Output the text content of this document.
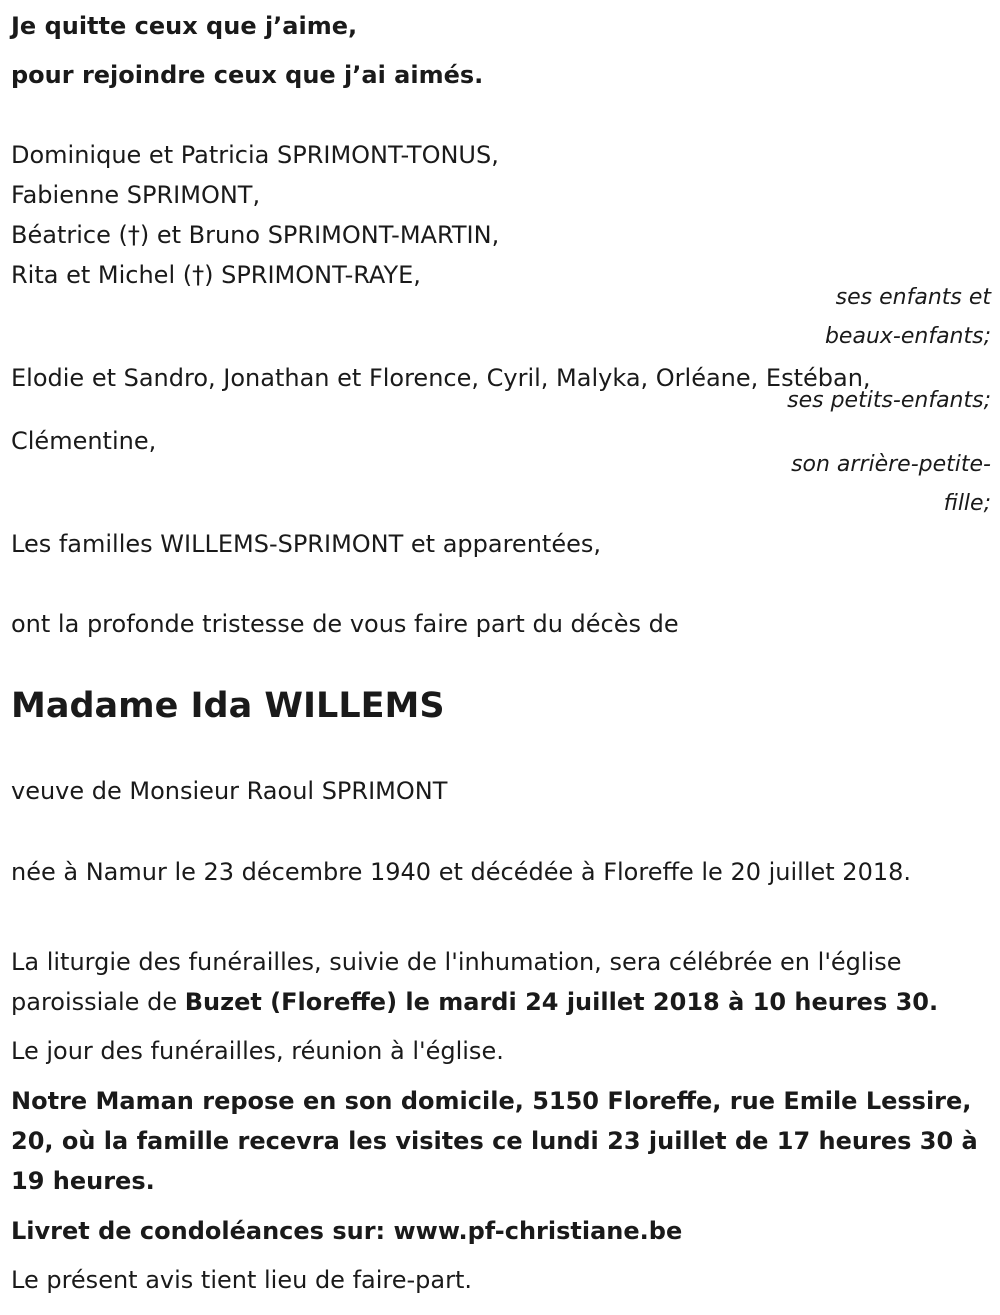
Je quitte ceux que j’aime,
pour rejoindre ceux que j’ai aimés.
Dominique et Patricia SPRIMONT-TONUS,
Fabienne SPRIMONT,
Béatrice (†) et Bruno SPRIMONT-MARTIN,
Rita et Michel (†) SPRIMONT-RAYE,
ses enfants et
beaux-enfants;
Elodie et Sandro, Jonathan et Florence, Cyril, Malyka, Orléane, Estéban,
ses petits-enfants;
Clémentine,
son arrière-petite-
fille;
Les familles WILLEMS-SPRIMONT et apparentées,
ont la profonde tristesse de vous faire part du décès de
Madame Ida WILLEMS
veuve de Monsieur Raoul SPRIMONT
née à Namur le 23 décembre 1940 et décédée à Floreffe le 20 juillet 2018.
La liturgie des funérailles, suivie de l'inhumation, sera célébrée en l'église paroissiale de Buzet (Floreffe) le mardi 24 juillet 2018 à 10 heures 30.
Le jour des funérailles, réunion à l'église.
Notre Maman repose en son domicile, 5150 Floreffe, rue Emile Lessire, 20, où la famille recevra les visites ce lundi 23 juillet de 17 heures 30 à 19 heures.
Livret de condoléances sur: www.pf-christiane.be
Le présent avis tient lieu de faire-part.
